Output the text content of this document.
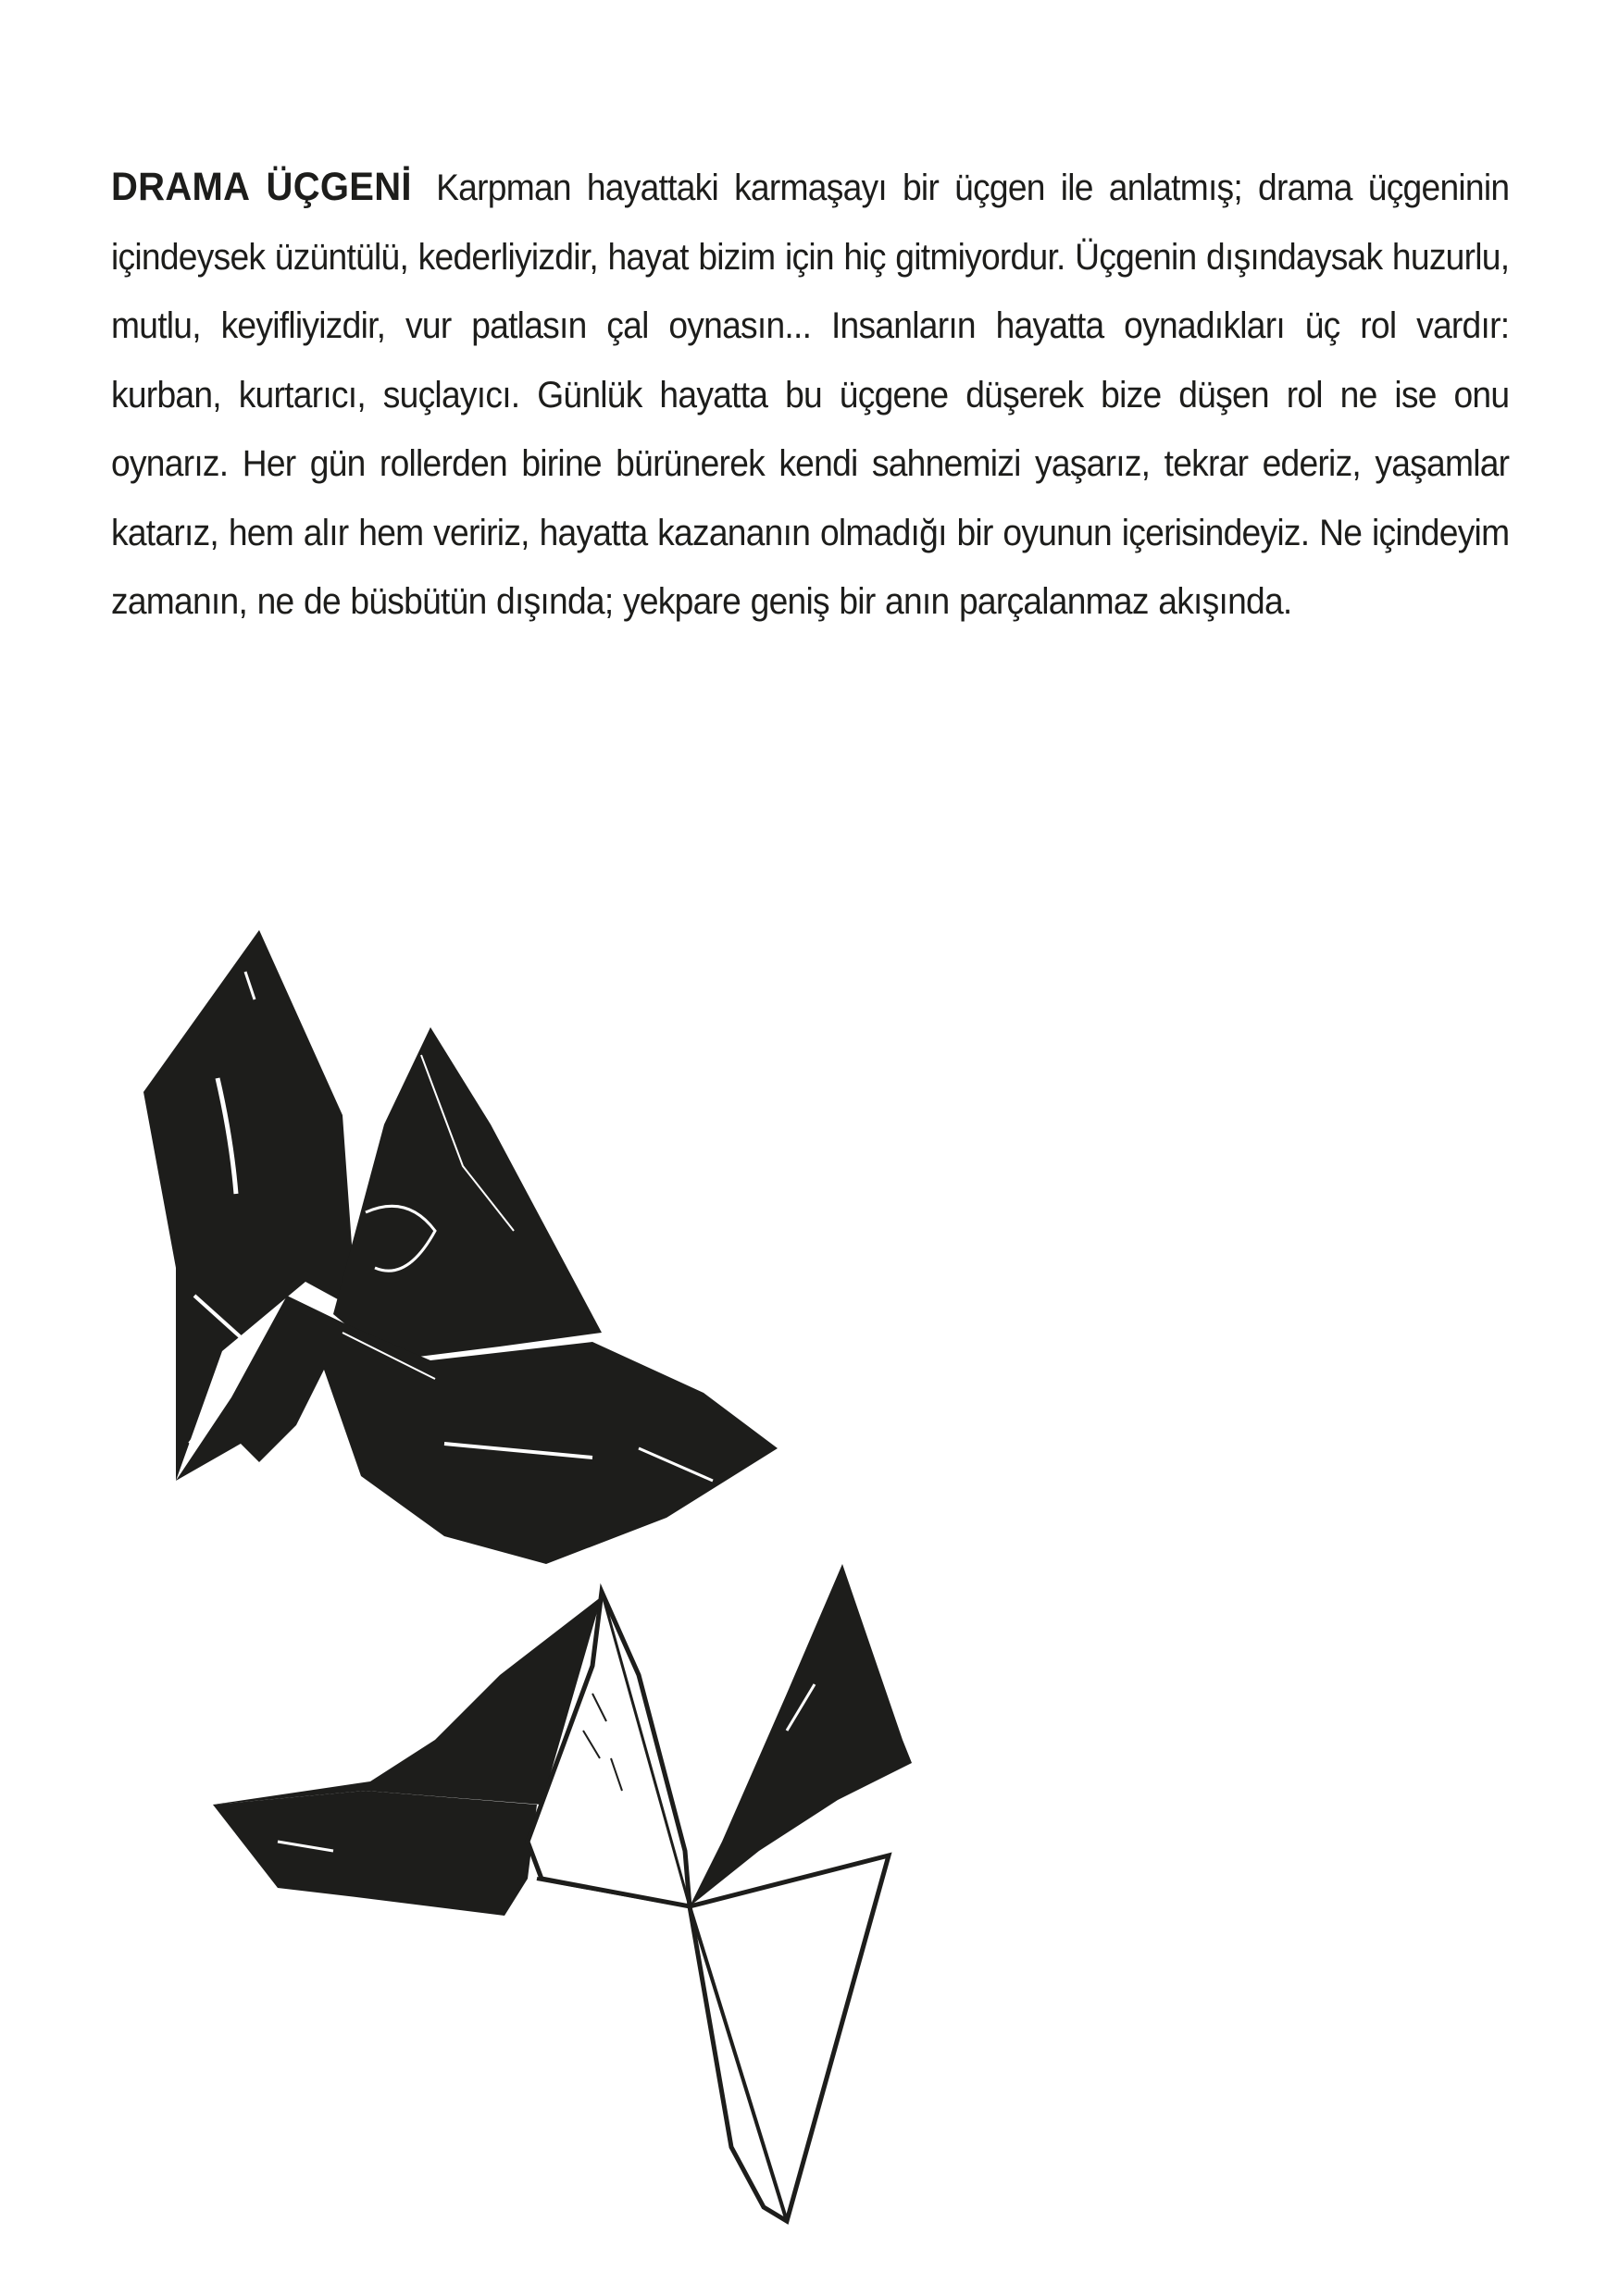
DRAMA ÜÇGENİ Karpman hayattaki karmaşayı bir üçgen ile anlatmış; drama üçgeninin içindeysek üzüntülü, kederliyizdir, hayat bizim için hiç gitmiyordur. Üçgenin dışındaysak huzurlu, mutlu, keyifliyizdir, vur patlasın çal oynasın... Insanların hayatta oynadıkları üç rol vardır: kurban, kurtarıcı, suçlayıcı. Günlük hayatta bu üçgene düşerek bize düşen rol ne ise onu oynarız. Her gün rollerden birine bürünerek kendi sahnemizi yaşarız, tekrar ederiz, yaşamlar katarız, hem alır hem veririz, hayatta kazananın olmadığı bir oyunun içerisindeyiz. Ne içindeyim zamanın, ne de büsbütün dışında; yekpare geniş bir anın parçalanmaz akışında.
